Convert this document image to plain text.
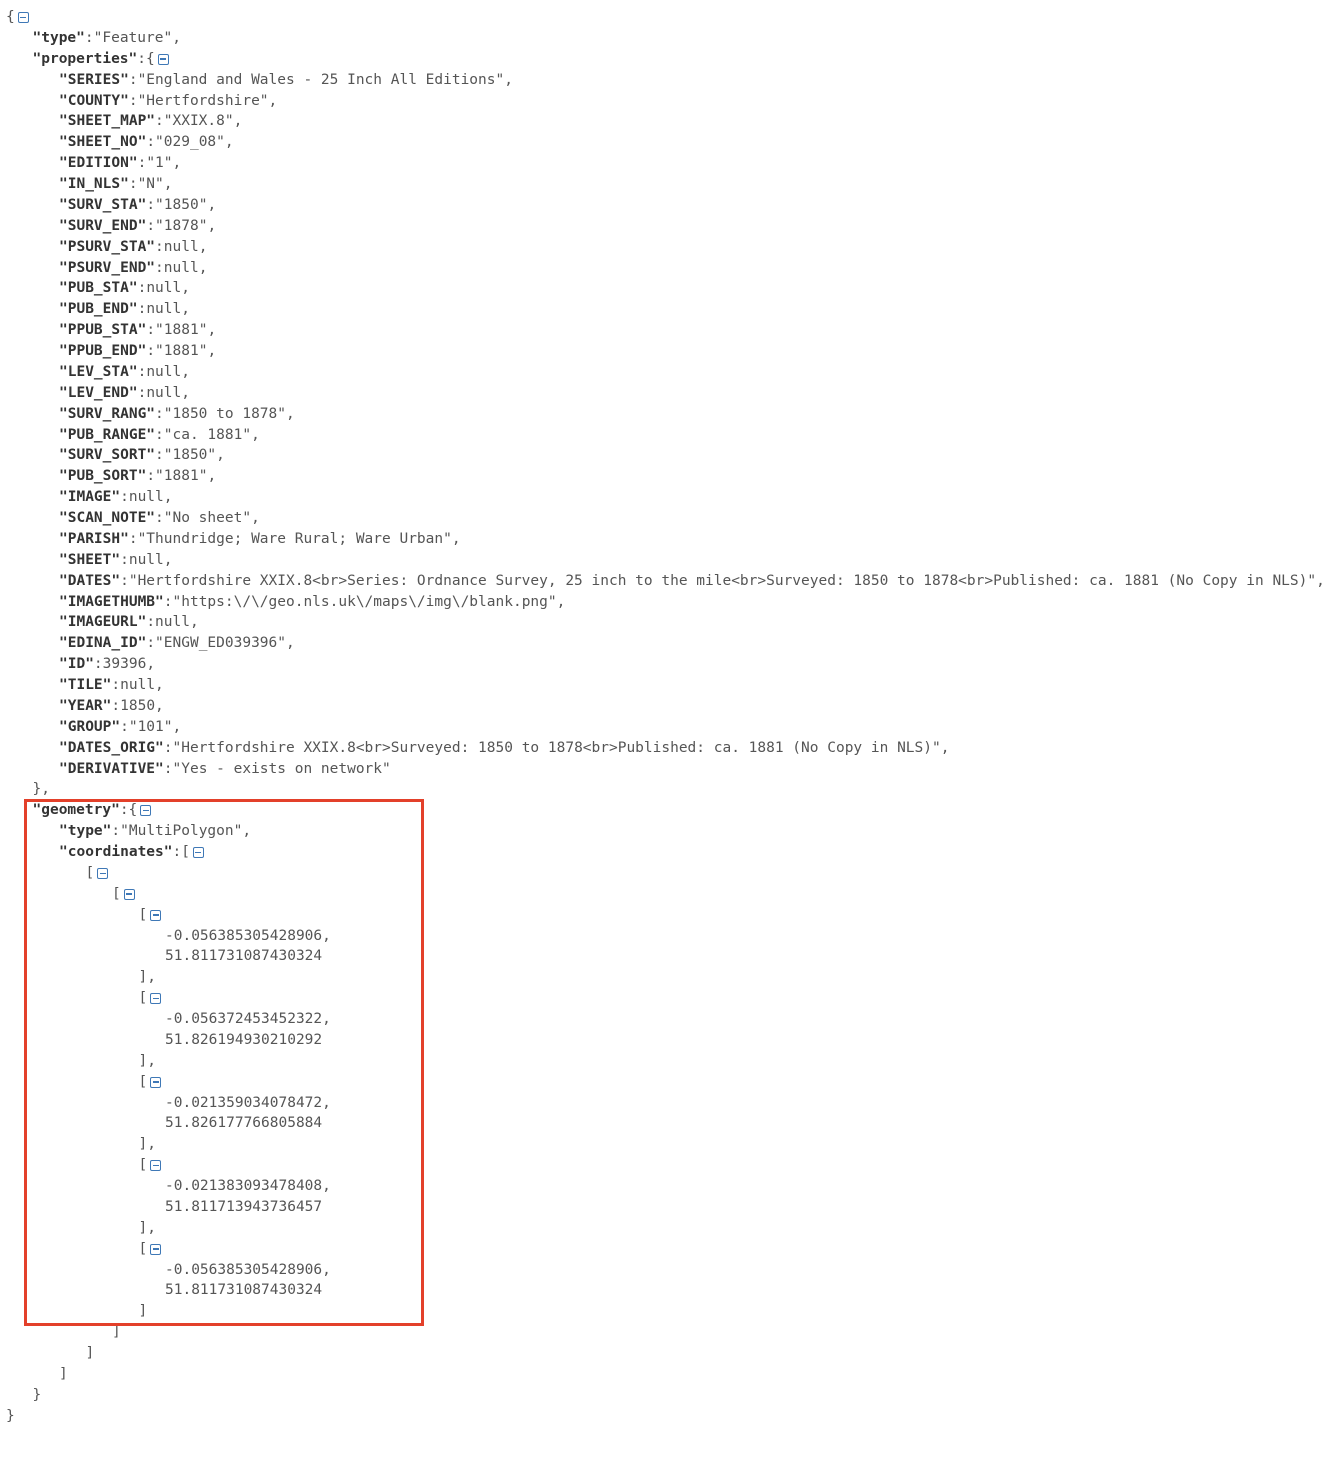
{
"type" : "Feature" ,
"properties" :{
"SERIES" : "England and Wales - 25 Inch All Editions" ,
"COUNTY" : "Hertfordshire" ,
"SHEET_MAP" : "XXIX.8" ,
"SHEET_NO" : "029_08" ,
"EDITION" : "1" ,
"IN_NLS" : "N" ,
"SURV_STA" : "1850" ,
"SURV_END" : "1878" ,
"PSURV_STA" : null ,
"PSURV_END" : null ,
"PUB_STA" : null ,
"PUB_END" : null ,
"PPUB_STA" : "1881" ,
"PPUB_END" : "1881" ,
"LEV_STA" : null ,
"LEV_END" : null ,
"SURV_RANG" : "1850 to 1878" ,
"PUB_RANGE" : "ca. 1881" ,
"SURV_SORT" : "1850" ,
"PUB_SORT" : "1881" ,
"IMAGE" : null ,
"SCAN_NOTE" : "No sheet" ,
"PARISH" : "Thundridge; Ware Rural; Ware Urban" ,
"SHEET" : null ,
"DATES" : "Hertfordshire XXIX.8<br>Series: Ordnance Survey, 25 inch to the mile<br>Surveyed: 1850 to 1878<br>Published: ca. 1881 (No Copy in NLS)" ,
"IMAGETHUMB" : "https:\/\/geo.nls.uk\/maps\/img\/blank.png" ,
"IMAGEURL" : null ,
"EDINA_ID" : "ENGW_ED039396" ,
"ID" : 39396 ,
"TILE" : null ,
"YEAR" : 1850 ,
"GROUP" : "101" ,
"DATES_ORIG" : "Hertfordshire XXIX.8<br>Surveyed: 1850 to 1878<br>Published: ca. 1881 (No Copy in NLS)" ,
"DERIVATIVE" : "Yes - exists on network"
},
"geometry" :{
"type" : "MultiPolygon" ,
"coordinates" :[
[
[
[
-0.056385305428906 ,
51.811731087430324
],
[
-0.056372453452322 ,
51.826194930210292
],
[
-0.021359034078472 ,
51.826177766805884
],
[
-0.021383093478408 ,
51.811713943736457
],
[
-0.056385305428906 ,
51.811731087430324
]
]
]
]
}
}
